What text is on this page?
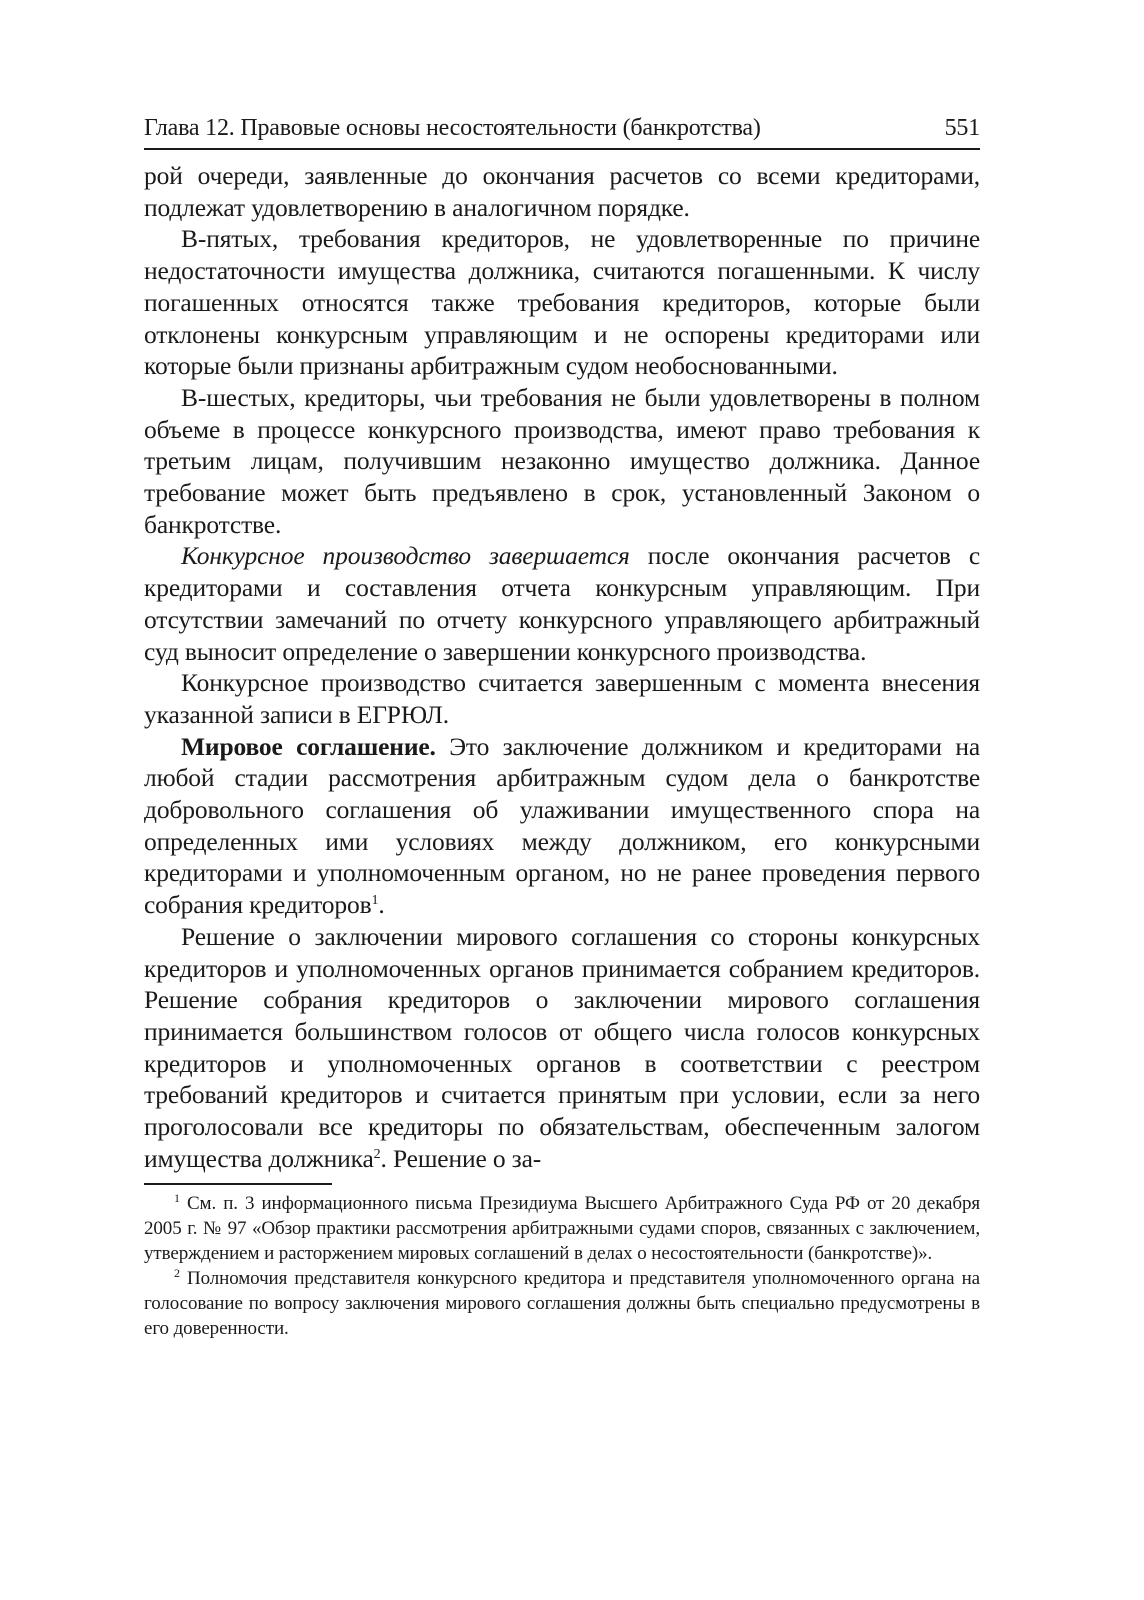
Глава 12. Правовые основы несостоятельности (банкротства)	551

рой очереди, заявленные до окончания расчетов со всеми кредиторами, подлежат удовлетворению в аналогичном порядке.

В-пятых, требования кредиторов, не удовлетворенные по причине недостаточности имущества должника, считаются погашенными. К числу погашенных относятся также требования кредиторов, которые были отклонены конкурсным управляющим и не оспорены кредиторами или которые были признаны арбитражным судом необоснованными.

В-шестых, кредиторы, чьи требования не были удовлетворены в полном объеме в процессе конкурсного производства, имеют право требования к третьим лицам, получившим незаконно имущество должника. Данное требование может быть предъявлено в срок, установленный Законом о банкротстве.

Конкурсное производство завершается после окончания расчетов с кредиторами и составления отчета конкурсным управляющим. При отсутствии замечаний по отчету конкурсного управляющего арбитражный суд выносит определение о завершении конкурсного производства.

Конкурсное производство считается завершенным с момента внесения указанной записи в ЕГРЮЛ.

Мировое соглашение. Это заключение должником и кредиторами на любой стадии рассмотрения арбитражным судом дела о банкротстве добровольного соглашения об улаживании имущественного спора на определенных ими условиях между должником, его конкурсными кредиторами и уполномоченным органом, но не ранее проведения первого собрания кредиторов$^1$.

Решение о заключении мирового соглашения со стороны конкурсных кредиторов и уполномоченных органов принимается собранием кредиторов. Решение собрания кредиторов о заключении мирового соглашения принимается большинством голосов от общего числа голосов конкурсных кредиторов и уполномоченных органов в соответствии с реестром требований кредиторов и считается принятым при условии, если за него проголосовали все кредиторы по обязательствам, обеспеченным залогом имущества должника$^2$. Решение о за-

$^1$ См. п. 3 информационного письма Президиума Высшего Арбитражного Суда РФ от 20 декабря 2005 г. № 97 «Обзор практики рассмотрения арбитражными судами споров, связанных с заключением, утверждением и расторжением мировых соглашений в делах о несостоятельности (банкротстве)».

$^2$ Полномочия представителя конкурсного кредитора и представителя уполномоченного органа на голосование по вопросу заключения мирового соглашения должны быть специально предусмотрены в его доверенности.
